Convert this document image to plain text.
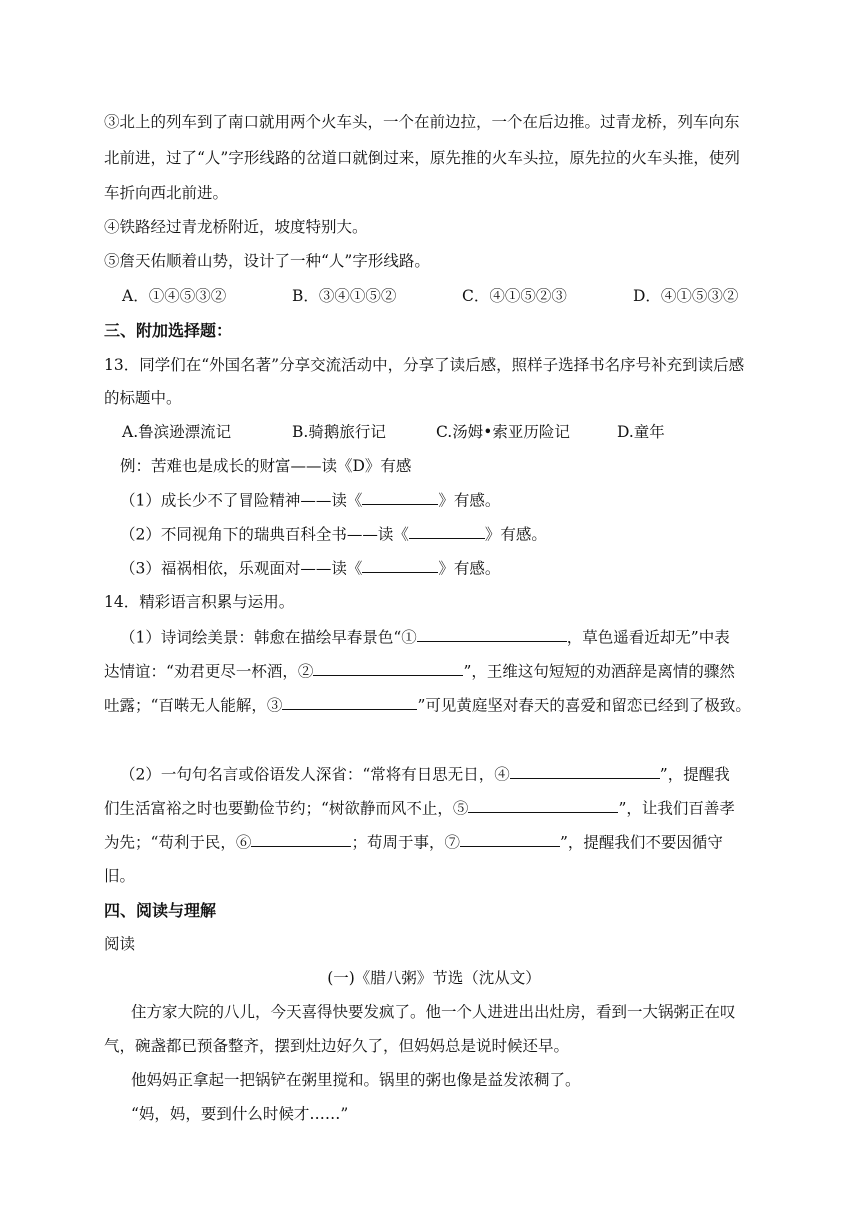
③北上的列车到了南口就用两个火车头，一个在前边拉，一个在后边推。过青龙桥，列车向东
北前进，过了“人”字形线路的岔道口就倒过来，原先推的火车头拉，原先拉的火车头推，使列
车折向西北前进。
④铁路经过青龙桥附近，坡度特别大。
⑤詹天佑顺着山势，设计了一种“人”字形线路。
A．①④⑤③②	B．③④①⑤②	C．④①⑤②③	D．④①⑤③②
三、附加选择题：
13．同学们在“外国名著”分享交流活动中，分享了读后感，照样子选择书名序号补充到读后感
的标题中。
A.鲁滨逊漂流记	B.骑鹅旅行记	C.汤姆•索亚历险记	D.童年
例：苦难也是成长的财富——读《D》有感
（1）成长少不了冒险精神——读《	》有感。
（2）不同视角下的瑞典百科全书——读《	》有感。
（3）福祸相依，乐观面对——读《	》有感。
14．精彩语言积累与运用。
（1）诗词绘美景：韩愈在描绘早春景色“①	，草色遥看近却无”中表
达情谊：“劝君更尽一杯酒，②	”，王维这句短短的劝酒辞是离情的骤然
吐露；“百啭无人能解，③	”可见黄庭坚对春天的喜爱和留恋已经到了极致。
（2）一句句名言或俗语发人深省：“常将有日思无日，④	”，提醒我
们生活富裕之时也要勤俭节约；“树欲静而风不止，⑤	”，让我们百善孝
为先；“苟利于民，⑥	；苟周于事，⑦	”，提醒我们不要因循守
旧。
四、阅读与理解
阅读
(一)《腊八粥》节选（沈从文）
住方家大院的八儿，今天喜得快要发疯了。他一个人进进出出灶房，看到一大锅粥正在叹
气，碗盏都已预备整齐，摆到灶边好久了，但妈妈总是说时候还早。
他妈妈正拿起一把锅铲在粥里搅和。锅里的粥也像是益发浓稠了。
“妈，妈，要到什么时候才……”
